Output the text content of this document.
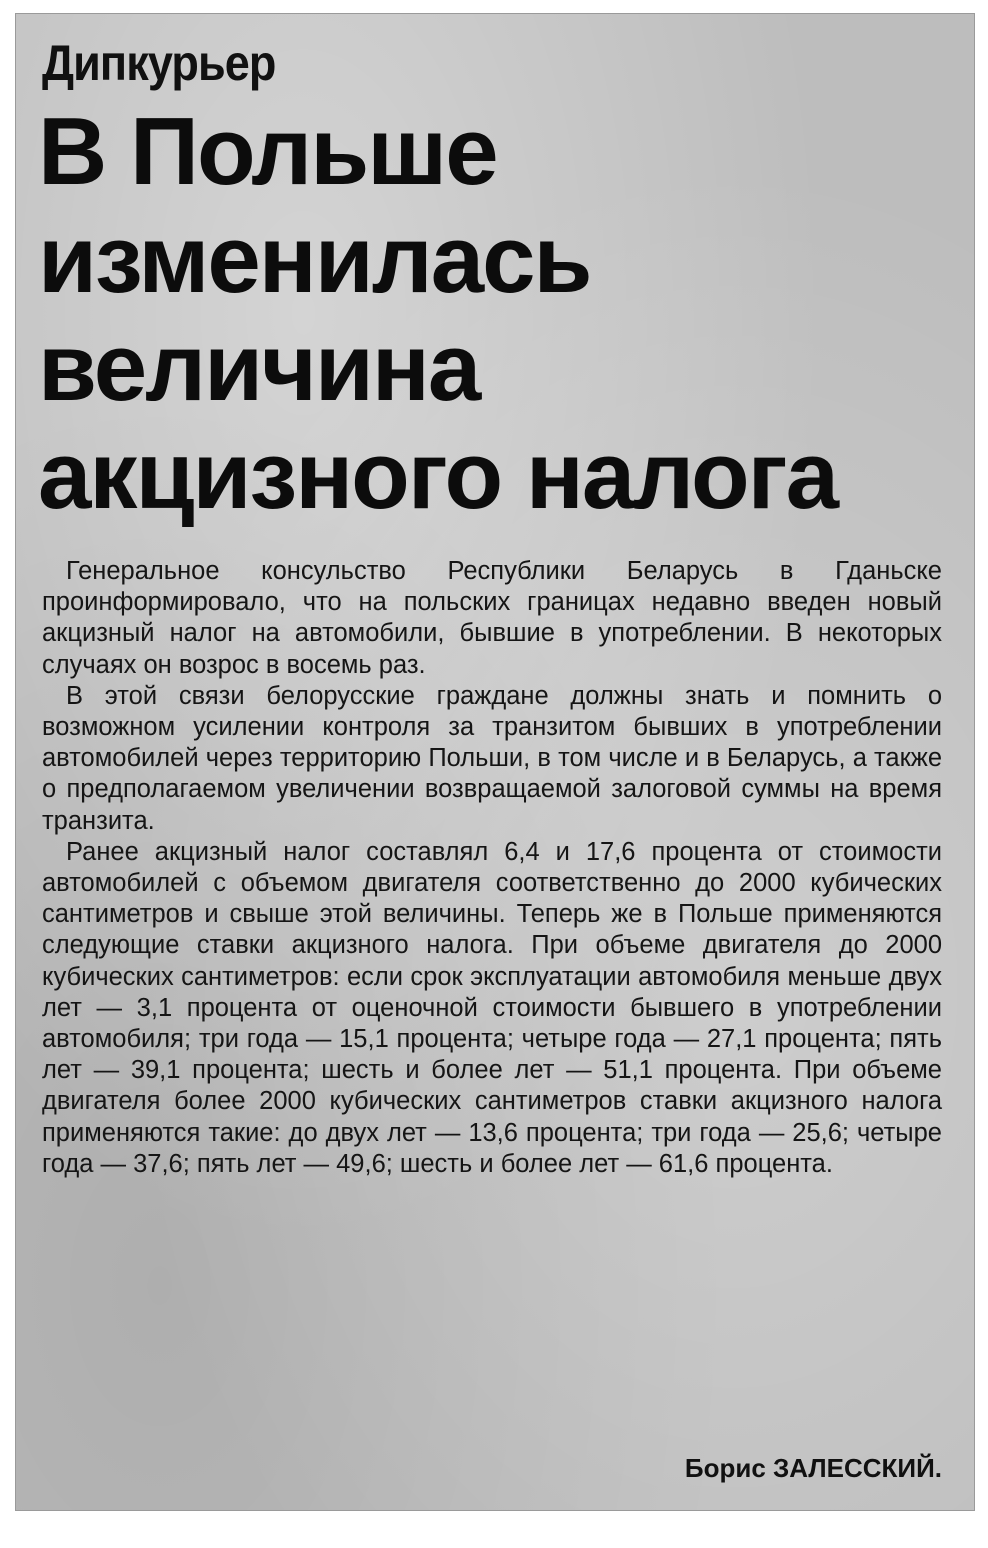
Дипкурьер
В Польше
изменилась
величина
акцизного налога

Генеральное консульство Республики Беларусь в Гданьске проинформировало, что на польских границах недавно введен новый акцизный налог на автомобили, бывшие в употреблении. В некоторых случаях он возрос в восемь раз.

В этой связи белорусские граждане должны знать и помнить о возможном усилении контроля за транзитом бывших в употреблении автомобилей через территорию Польши, в том числе и в Беларусь, а также о предполагаемом увеличении возвращаемой залоговой суммы на время транзита.

Ранее акцизный налог составлял 6,4 и 17,6 процента от стоимости автомобилей с объемом двигателя соответственно до 2000 кубических сантиметров и свыше этой величины. Теперь же в Польше применяются следующие ставки акцизного налога. При объеме двигателя до 2000 кубических сантиметров: если срок эксплуатации автомобиля меньше двух лет — 3,1 процента от оценочной стоимости бывшего в употреблении автомобиля; три года — 15,1 процента; четыре года — 27,1 процента; пять лет — 39,1 процента; шесть и более лет — 51,1 процента. При объеме двигателя более 2000 кубических сантиметров ставки акцизного налога применяются такие: до двух лет — 13,6 процента; три года — 25,6; четыре года — 37,6; пять лет — 49,6; шесть и более лет — 61,6 процента.

Борис ЗАЛЕССКИЙ.
